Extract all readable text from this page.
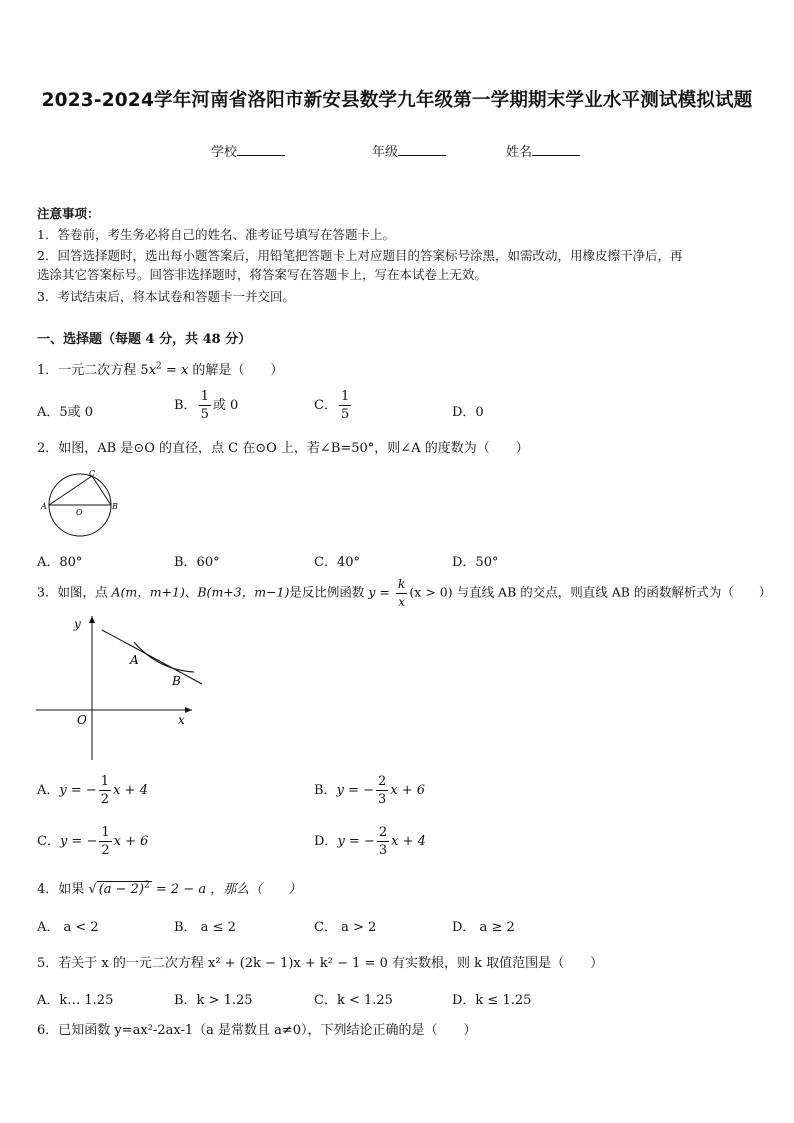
2023-2024学年河南省洛阳市新安县数学九年级第一学期期末学业水平测试模拟试题
学校	年级	姓名
注意事项：
1．答卷前，考生务必将自己的姓名、准考证号填写在答题卡上。
2．回答选择题时，选出每小题答案后，用铅笔把答题卡上对应题目的答案标号涂黑，如需改动，用橡皮擦干净后，再
选涂其它答案标号。回答非选择题时，将答案写在答题卡上，写在本试卷上无效。
3．考试结束后，将本试卷和答题卡一并交回。
一、选择题（每题 4 分，共 48 分）
1．一元二次方程 $5x^2 = x$ 的解是（　　）
A．5或 0	B． $\frac{1}{5}$ 或 0	C． $\frac{1}{5}$	D．0
2．如图，AB 是⊙O 的直径，点 C 在⊙O 上，若∠B=50°，则∠A 的度数为（　　）
A	B
C
O
A．80°	B．60°	C．40°	D．50°
3．如图，点 A(m，m+1)、B(m+3，m−1)是反比例函数 $y = \frac{k}{x} (x > 0)$ 与直线 AB 的交点，则直线 AB 的函数解析式为（　　）
y
x
O
A
B
A．y = − $\frac{1}{2}$ x + 4	B．y = − $\frac{2}{3}$ x + 6
C．y = − $\frac{1}{2}$ x + 6	D．y = − $\frac{2}{3}$ x + 4
4．如果 √ $(a - 2)^2 = 2 - a$ ，那么（　　）
A． a < 2	B． a ≤ 2	C． a > 2	D． a ≥ 2
5．若关于 x 的一元二次方程 x² + (2k − 1)x + k² − 1 = 0 有实数根，则 k 取值范围是（　　）
A．k… 1.25	B．k > 1.25	C．k < 1.25	D．k ≤ 1.25
6．已知函数 y=ax²-2ax-1（a 是常数且 a≠0），下列结论正确的是（　　）
